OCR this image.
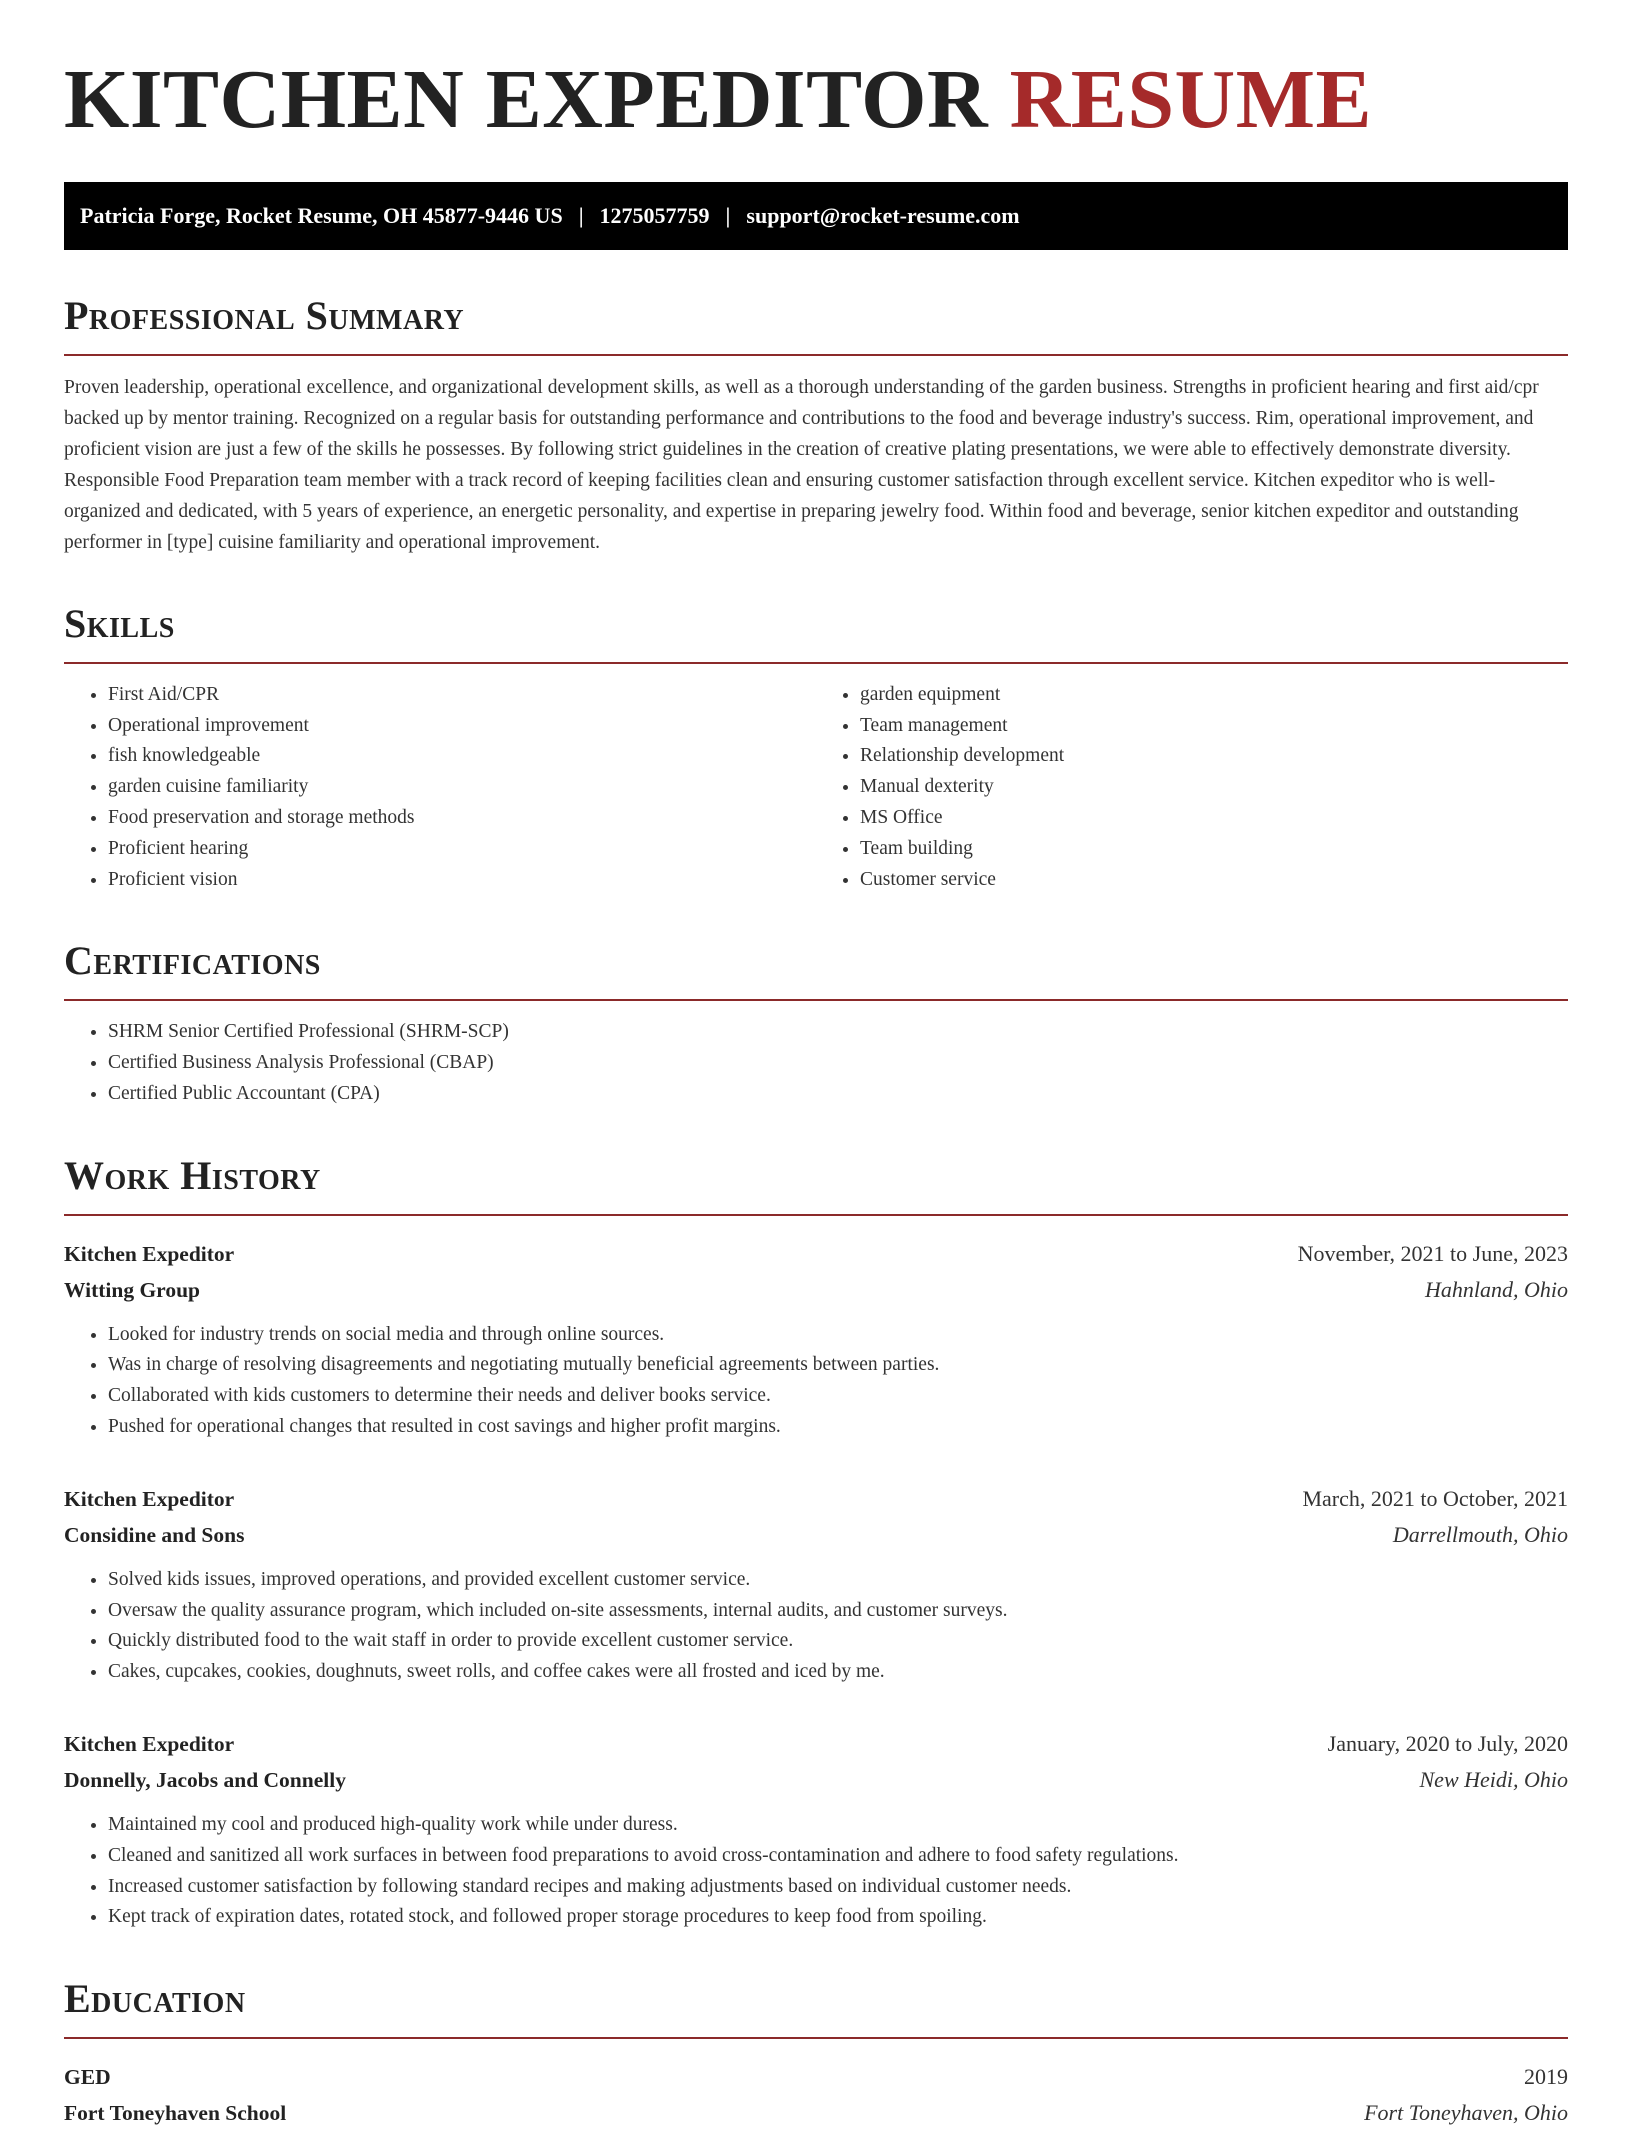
KITCHEN EXPEDITOR RESUME
Patricia Forge, Rocket Resume, OH 45877-9446 US | 1275057759 | support@rocket-resume.com
Professional Summary

Proven leadership, operational excellence, and organizational development skills, as well as a thorough understanding of the garden business. Strengths in proficient hearing and first aid/cpr backed up by mentor training. Recognized on a regular basis for outstanding performance and contributions to the food and beverage industry's success. Rim, operational improvement, and proficient vision are just a few of the skills he possesses. By following strict guidelines in the creation of creative plating presentations, we were able to effectively demonstrate diversity. Responsible Food Preparation team member with a track record of keeping facilities clean and ensuring customer satisfaction through excellent service. Kitchen expeditor who is well-organized and dedicated, with 5 years of experience, an energetic personality, and expertise in preparing jewelry food. Within food and beverage, senior kitchen expeditor and outstanding performer in [type] cuisine familiarity and operational improvement.

Skills
• First Aid/CPR
• Operational improvement
• fish knowledgeable
• garden cuisine familiarity
• Food preservation and storage methods
• Proficient hearing
• Proficient vision
• garden equipment
• Team management
• Relationship development
• Manual dexterity
• MS Office
• Team building
• Customer service
Certifications
• SHRM Senior Certified Professional (SHRM-SCP)
• Certified Business Analysis Professional (CBAP)
• Certified Public Accountant (CPA)
Work History
Kitchen Expeditor	November, 2021 to June, 2023
Witting Group	Hahnland, Ohio
• Looked for industry trends on social media and through online sources.
• Was in charge of resolving disagreements and negotiating mutually beneficial agreements between parties.
• Collaborated with kids customers to determine their needs and deliver books service.
• Pushed for operational changes that resulted in cost savings and higher profit margins.
Kitchen Expeditor	March, 2021 to October, 2021
Considine and Sons	Darrellmouth, Ohio
• Solved kids issues, improved operations, and provided excellent customer service.
• Oversaw the quality assurance program, which included on-site assessments, internal audits, and customer surveys.
• Quickly distributed food to the wait staff in order to provide excellent customer service.
• Cakes, cupcakes, cookies, doughnuts, sweet rolls, and coffee cakes were all frosted and iced by me.
Kitchen Expeditor	January, 2020 to July, 2020
Donnelly, Jacobs and Connelly	New Heidi, Ohio
• Maintained my cool and produced high-quality work while under duress.
• Cleaned and sanitized all work surfaces in between food preparations to avoid cross-contamination and adhere to food safety regulations.
• Increased customer satisfaction by following standard recipes and making adjustments based on individual customer needs.
• Kept track of expiration dates, rotated stock, and followed proper storage procedures to keep food from spoiling.
Education
GED	2019
Fort Toneyhaven School	Fort Toneyhaven, Ohio
